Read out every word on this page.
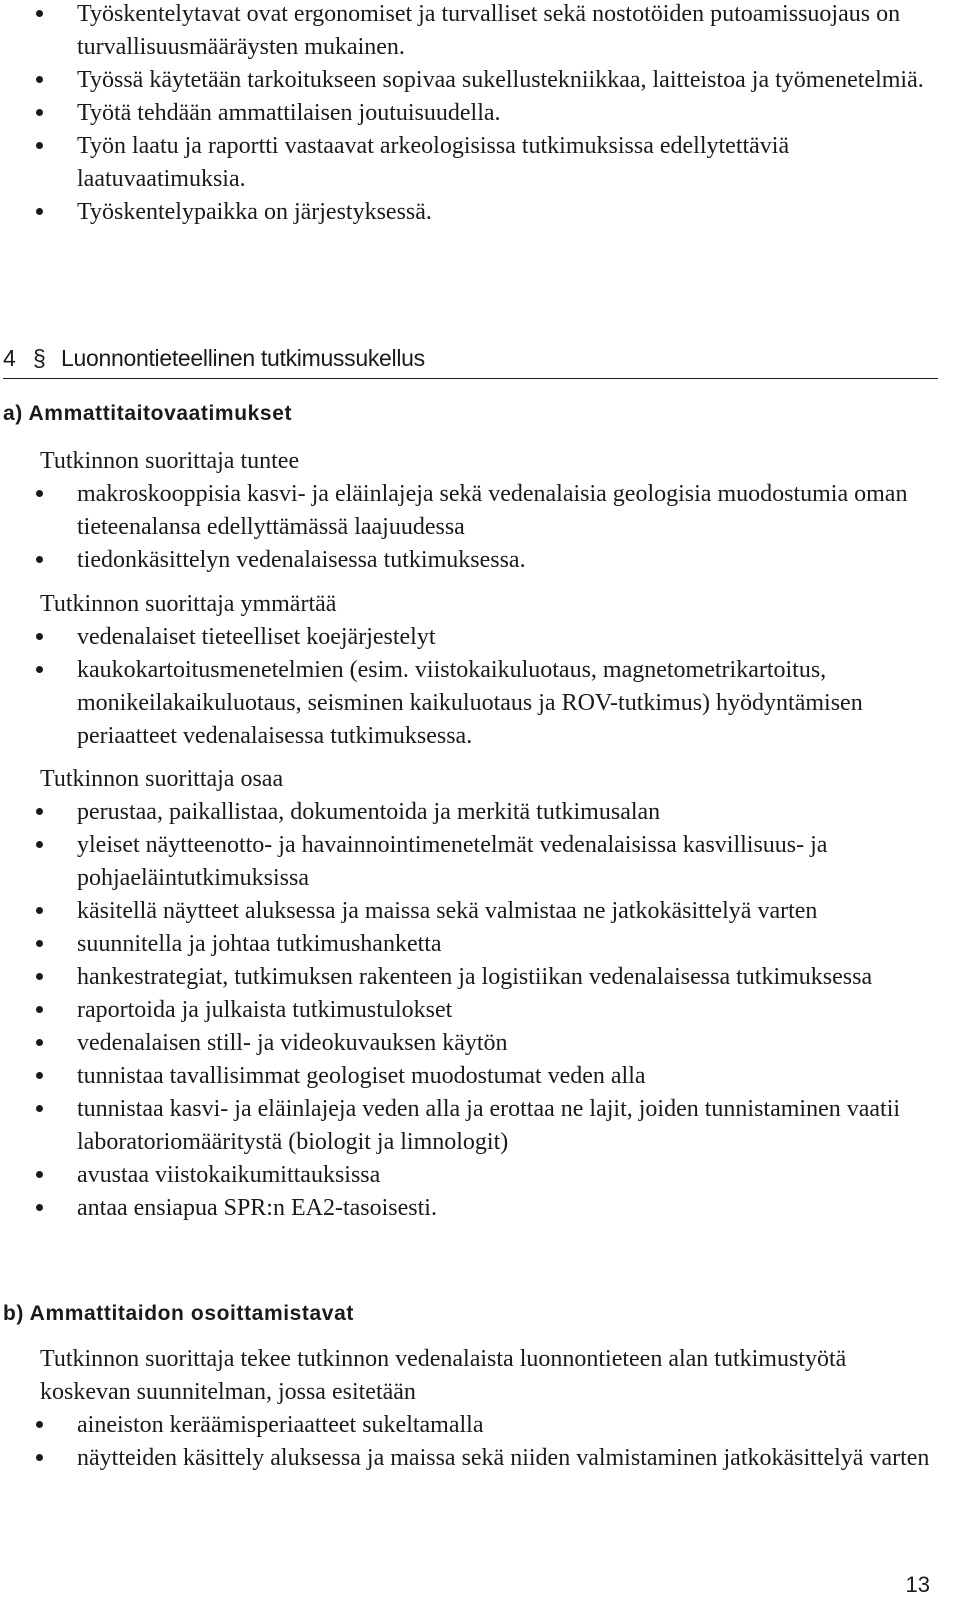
Työskentelytavat ovat ergonomiset ja turvalliset sekä nostotöiden putoamissuojaus on turvallisuusmääräysten mukainen.
Työssä käytetään tarkoitukseen sopivaa sukellustekniikkaa, laitteistoa ja työmenetelmiä.
Työtä tehdään ammattilaisen joutuisuudella.
Työn laatu ja raportti vastaavat arkeologisissa tutkimuksissa edellytettäviä laatuvaatimuksia.
Työskentelypaikka on järjestyksessä.
4 § Luonnontieteellinen tutkimussukellus
a) Ammattitaitovaatimukset

Tutkinnon suorittaja tuntee

makroskooppisia kasvi- ja eläinlajeja sekä vedenalaisia geologisia muodostumia oman tieteenalansa edellyttämässä laajuudessa
tiedonkäsittelyn vedenalaisessa tutkimuksessa.

Tutkinnon suorittaja ymmärtää

vedenalaiset tieteelliset koejärjestelyt
kaukokartoitusmenetelmien (esim. viistokaikuluotaus, magnetometrikartoitus, monikeilakaikuluotaus, seisminen kaikuluotaus ja ROV-tutkimus) hyödyntämisen periaatteet vedenalaisessa tutkimuksessa.

Tutkinnon suorittaja osaa

perustaa, paikallistaa, dokumentoida ja merkitä tutkimusalan
yleiset näytteenotto- ja havainnointimenetelmät vedenalaisissa kasvillisuus- ja pohjaeläintutkimuksissa
käsitellä näytteet aluksessa ja maissa sekä valmistaa ne jatkokäsittelyä varten
suunnitella ja johtaa tutkimushanketta
hankestrategiat, tutkimuksen rakenteen ja logistiikan vedenalaisessa tutkimuksessa
raportoida ja julkaista tutkimustulokset
vedenalaisen still- ja videokuvauksen käytön
tunnistaa tavallisimmat geologiset muodostumat veden alla
tunnistaa kasvi- ja eläinlajeja veden alla ja erottaa ne lajit, joiden tunnistaminen vaatii laboratoriomääritystä (biologit ja limnologit)
avustaa viistokaikumittauksissa
antaa ensiapua SPR:n EA2-tasoisesti.
b) Ammattitaidon osoittamistavat

Tutkinnon suorittaja tekee tutkinnon vedenalaista luonnontieteen alan tutkimustyötä koskevan suunnitelman, jossa esitetään

aineiston keräämisperiaatteet sukeltamalla
näytteiden käsittely aluksessa ja maissa sekä niiden valmistaminen jatkokäsittelyä varten
13
